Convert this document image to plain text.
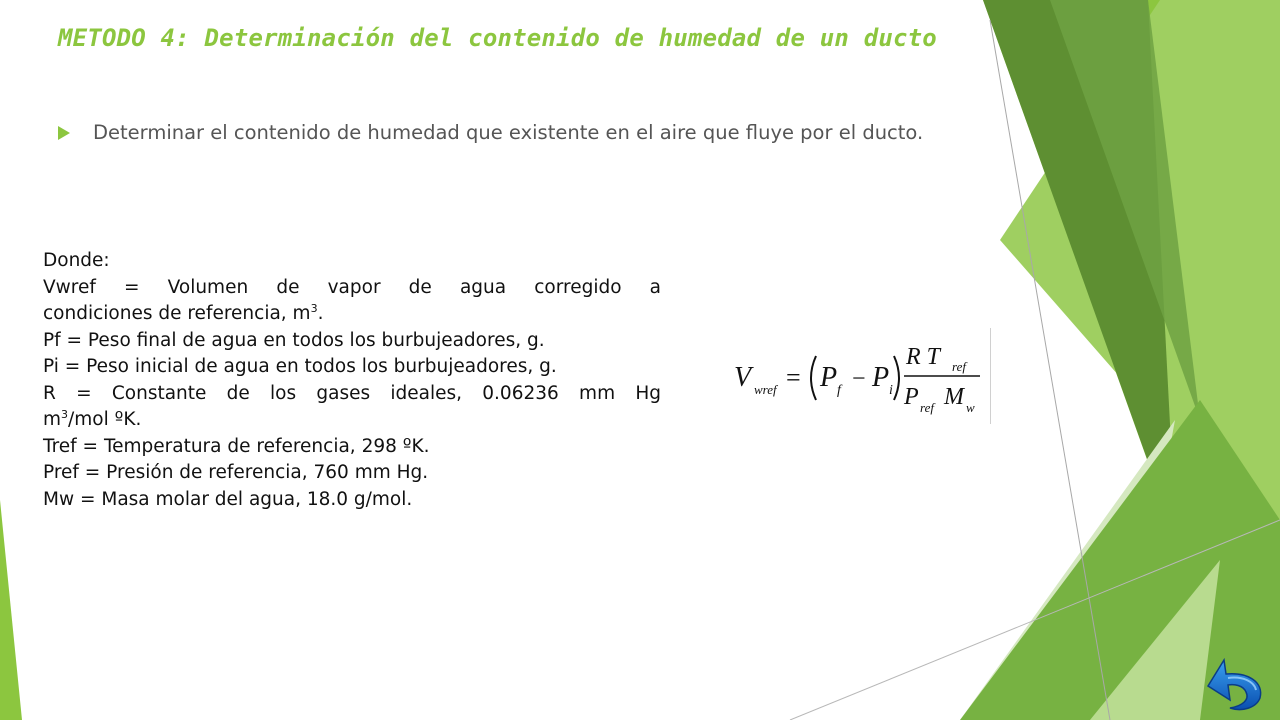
METODO 4: Determinación del contenido de humedad de un ducto
Determinar el contenido de humedad que existente en el aire que fluye por el ducto.
Donde:
Vwref = Volumen de vapor de agua corregido a
condiciones de referencia, $m^3$.
Pf = Peso final de agua en todos los burbujeadores, g.
Pi = Peso inicial de agua en todos los burbujeadores, g.
R = Constante de los gases ideales, 0.06236 mm Hg
$m^3$/mol ºK.
Tref = Temperatura de referencia, 298 ºK.
Pref = Presión de referencia, 760 mm Hg.
Mw = Masa molar del agua, 18.0 g/mol.
V wref = P f − P i
R T ref
P ref M w
